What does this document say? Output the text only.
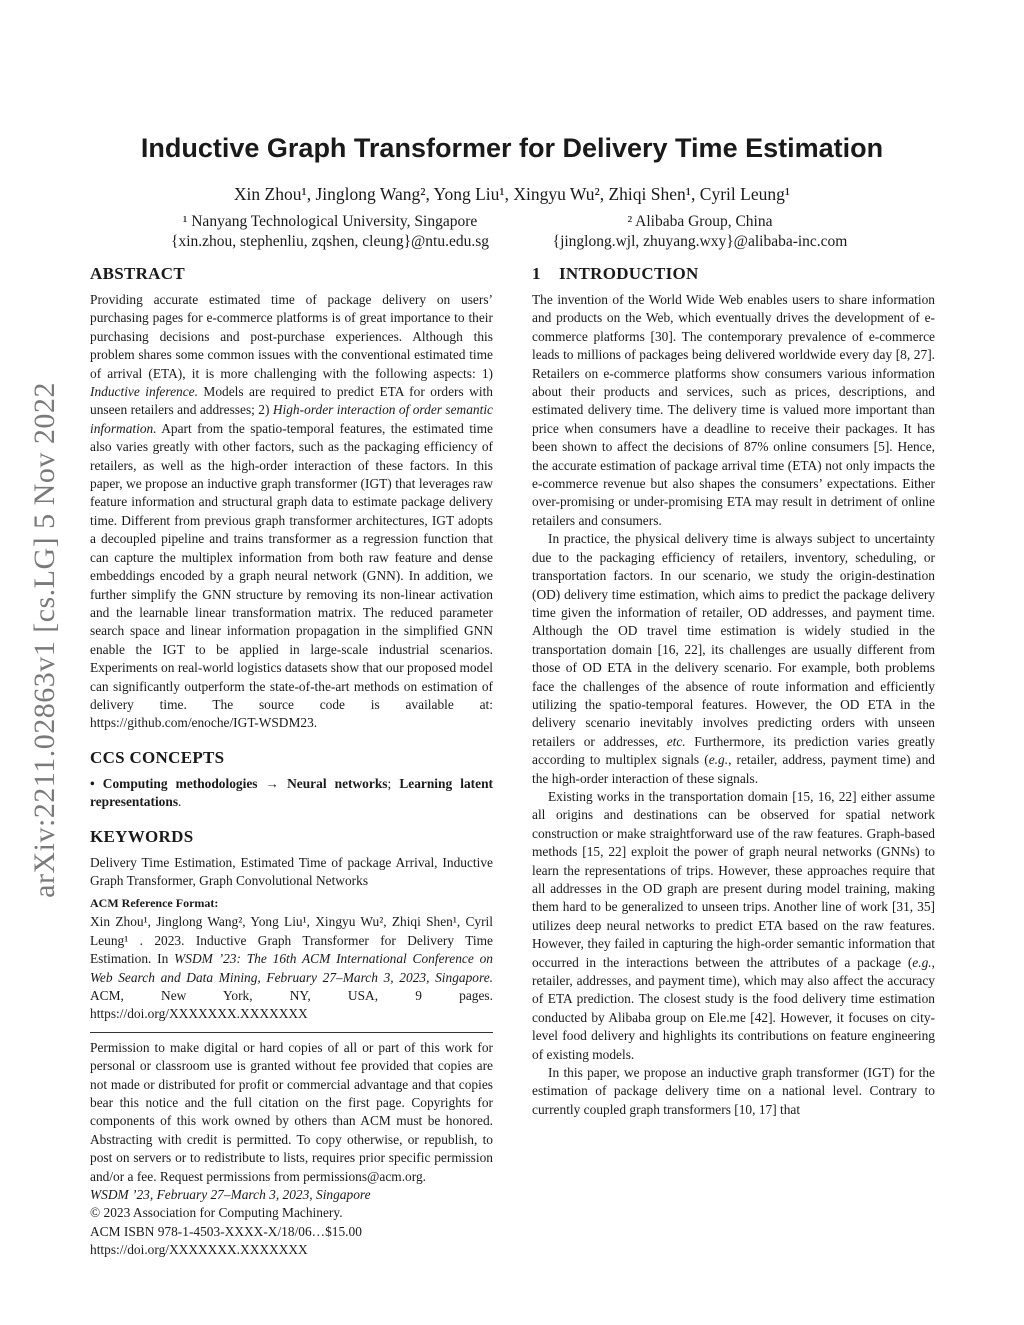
arXiv:2211.02863v1 [cs.LG] 5 Nov 2022
Inductive Graph Transformer for Delivery Time Estimation
Xin Zhou¹, Jinglong Wang², Yong Liu¹, Xingyu Wu², Zhiqi Shen¹, Cyril Leung¹
¹ Nanyang Technological University, Singapore
{xin.zhou, stephenliu, zqshen, cleung}@ntu.edu.sg
² Alibaba Group, China
{jinglong.wjl, zhuyang.wxy}@alibaba-inc.com
ABSTRACT

Providing accurate estimated time of package delivery on users’ purchasing pages for e-commerce platforms is of great importance to their purchasing decisions and post-purchase experiences. Although this problem shares some common issues with the conventional estimated time of arrival (ETA), it is more challenging with the following aspects: 1) Inductive inference. Models are required to predict ETA for orders with unseen retailers and addresses; 2) High-order interaction of order semantic information. Apart from the spatio-temporal features, the estimated time also varies greatly with other factors, such as the packaging efficiency of retailers, as well as the high-order interaction of these factors. In this paper, we propose an inductive graph transformer (IGT) that leverages raw feature information and structural graph data to estimate package delivery time. Different from previous graph transformer architectures, IGT adopts a decoupled pipeline and trains transformer as a regression function that can capture the multiplex information from both raw feature and dense embeddings encoded by a graph neural network (GNN). In addition, we further simplify the GNN structure by removing its non-linear activation and the learnable linear transformation matrix. The reduced parameter search space and linear information propagation in the simplified GNN enable the IGT to be applied in large-scale industrial scenarios. Experiments on real-world logistics datasets show that our proposed model can significantly outperform the state-of-the-art methods on estimation of delivery time. The source code is available at: https://github.com/enoche/IGT-WSDM23.

CCS CONCEPTS

• Computing methodologies → Neural networks; Learning latent representations.

KEYWORDS

Delivery Time Estimation, Estimated Time of package Arrival, Inductive Graph Transformer, Graph Convolutional Networks

ACM Reference Format:

Xin Zhou¹, Jinglong Wang², Yong Liu¹, Xingyu Wu², Zhiqi Shen¹, Cyril Leung¹ . 2023. Inductive Graph Transformer for Delivery Time Estimation. In WSDM ’23: The 16th ACM International Conference on Web Search and Data Mining, February 27–March 3, 2023, Singapore. ACM, New York, NY, USA, 9 pages. https://doi.org/XXXXXXX.XXXXXXX

Permission to make digital or hard copies of all or part of this work for personal or classroom use is granted without fee provided that copies are not made or distributed for profit or commercial advantage and that copies bear this notice and the full citation on the first page. Copyrights for components of this work owned by others than ACM must be honored. Abstracting with credit is permitted. To copy otherwise, or republish, to post on servers or to redistribute to lists, requires prior specific permission and/or a fee. Request permissions from permissions@acm.org.

WSDM ’23, February 27–March 3, 2023, Singapore

© 2023 Association for Computing Machinery.

ACM ISBN 978-1-4503-XXXX-X/18/06…$15.00

https://doi.org/XXXXXXX.XXXXXXX

1    INTRODUCTION

The invention of the World Wide Web enables users to share information and products on the Web, which eventually drives the development of e-commerce platforms [30]. The contemporary prevalence of e-commerce leads to millions of packages being delivered worldwide every day [8, 27]. Retailers on e-commerce platforms show consumers various information about their products and services, such as prices, descriptions, and estimated delivery time. The delivery time is valued more important than price when consumers have a deadline to receive their packages. It has been shown to affect the decisions of 87% online consumers [5]. Hence, the accurate estimation of package arrival time (ETA) not only impacts the e-commerce revenue but also shapes the consumers’ expectations. Either over-promising or under-promising ETA may result in detriment of online retailers and consumers.

In practice, the physical delivery time is always subject to uncertainty due to the packaging efficiency of retailers, inventory, scheduling, or transportation factors. In our scenario, we study the origin-destination (OD) delivery time estimation, which aims to predict the package delivery time given the information of retailer, OD addresses, and payment time. Although the OD travel time estimation is widely studied in the transportation domain [16, 22], its challenges are usually different from those of OD ETA in the delivery scenario. For example, both problems face the challenges of the absence of route information and efficiently utilizing the spatio-temporal features. However, the OD ETA in the delivery scenario inevitably involves predicting orders with unseen retailers or addresses, etc. Furthermore, its prediction varies greatly according to multiplex signals (e.g., retailer, address, payment time) and the high-order interaction of these signals.

Existing works in the transportation domain [15, 16, 22] either assume all origins and destinations can be observed for spatial network construction or make straightforward use of the raw features. Graph-based methods [15, 22] exploit the power of graph neural networks (GNNs) to learn the representations of trips. However, these approaches require that all addresses in the OD graph are present during model training, making them hard to be generalized to unseen trips. Another line of work [31, 35] utilizes deep neural networks to predict ETA based on the raw features. However, they failed in capturing the high-order semantic information that occurred in the interactions between the attributes of a package (e.g., retailer, addresses, and payment time), which may also affect the accuracy of ETA prediction. The closest study is the food delivery time estimation conducted by Alibaba group on Ele.me [42]. However, it focuses on city-level food delivery and highlights its contributions on feature engineering of existing models.

In this paper, we propose an inductive graph transformer (IGT) for the estimation of package delivery time on a national level. Contrary to currently coupled graph transformers [10, 17] that
